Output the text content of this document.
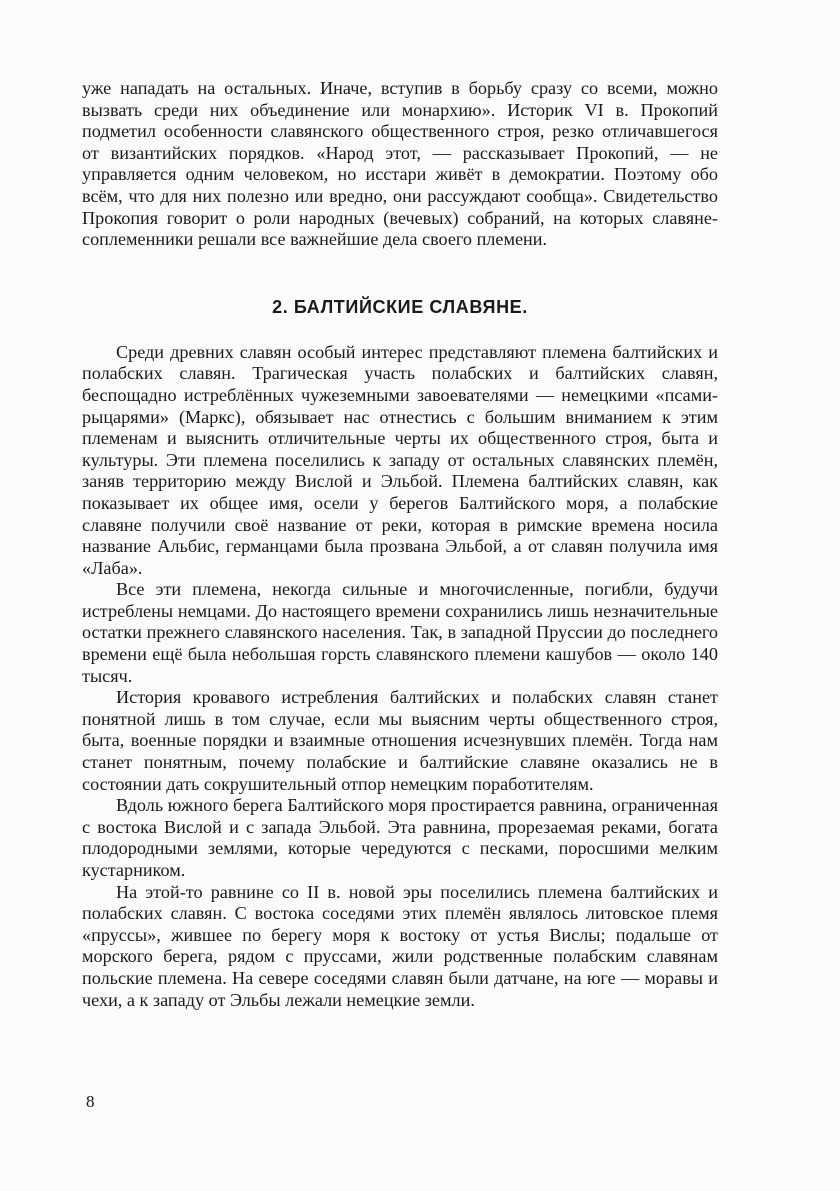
уже нападать на остальных. Иначе, вступив в борьбу сразу со всеми, можно вызвать среди них объединение или монархию». Историк VI в. Прокопий подметил особенности славянского общественного строя, резко отличавшегося от византийских порядков. «Народ этот, — рассказывает Прокопий, — не управляется одним человеком, но исстари живёт в демократии. Поэтому обо всём, что для них полезно или вредно, они рассуждают сообща». Свидетельство Прокопия говорит о роли народных (вечевых) собраний, на которых славяне-соплеменники решали все важнейшие дела своего племени.

2. БАЛТИЙСКИЕ СЛАВЯНЕ.

Среди древних славян особый интерес представляют племена балтийских и полабских славян. Трагическая участь полабских и балтийских славян, беспощадно истреблённых чужеземными завоевателями — немецкими «псами-рыцарями» (Маркс), обязывает нас отнестись с большим вниманием к этим племенам и выяснить отличительные черты их общественного строя, быта и культуры. Эти племена поселились к западу от остальных славянских племён, заняв территорию между Вислой и Эльбой. Племена балтийских славян, как показывает их общее имя, осели у берегов Балтийского моря, а полабские славяне получили своё название от реки, которая в римские времена носила название Альбис, германцами была прозвана Эльбой, а от славян получила имя «Лаба».

Все эти племена, некогда сильные и многочисленные, погибли, будучи истреблены немцами. До настоящего времени сохранились лишь незначительные остатки прежнего славянского населения. Так, в западной Пруссии до последнего времени ещё была небольшая горсть славянского племени кашубов — около 140 тысяч.

История кровавого истребления балтийских и полабских славян станет понятной лишь в том случае, если мы выясним черты общественного строя, быта, военные порядки и взаимные отношения исчезнувших племён. Тогда нам станет понятным, почему полабские и балтийские славяне оказались не в состоянии дать сокрушительный отпор немецким поработителям.

Вдоль южного берега Балтийского моря простирается равнина, ограниченная с востока Вислой и с запада Эльбой. Эта равнина, прорезаемая реками, богата плодородными землями, которые чередуются с песками, поросшими мелким кустарником.

На этой-то равнине со II в. новой эры поселились племена балтийских и полабских славян. С востока соседями этих племён являлось литовское племя «пруссы», жившее по берегу моря к востоку от устья Вислы; подальше от морского берега, рядом с пруссами, жили родственные полабским славянам польские племена. На севере соседями славян были датчане, на юге — моравы и чехи, а к западу от Эльбы лежали немецкие земли.

8
